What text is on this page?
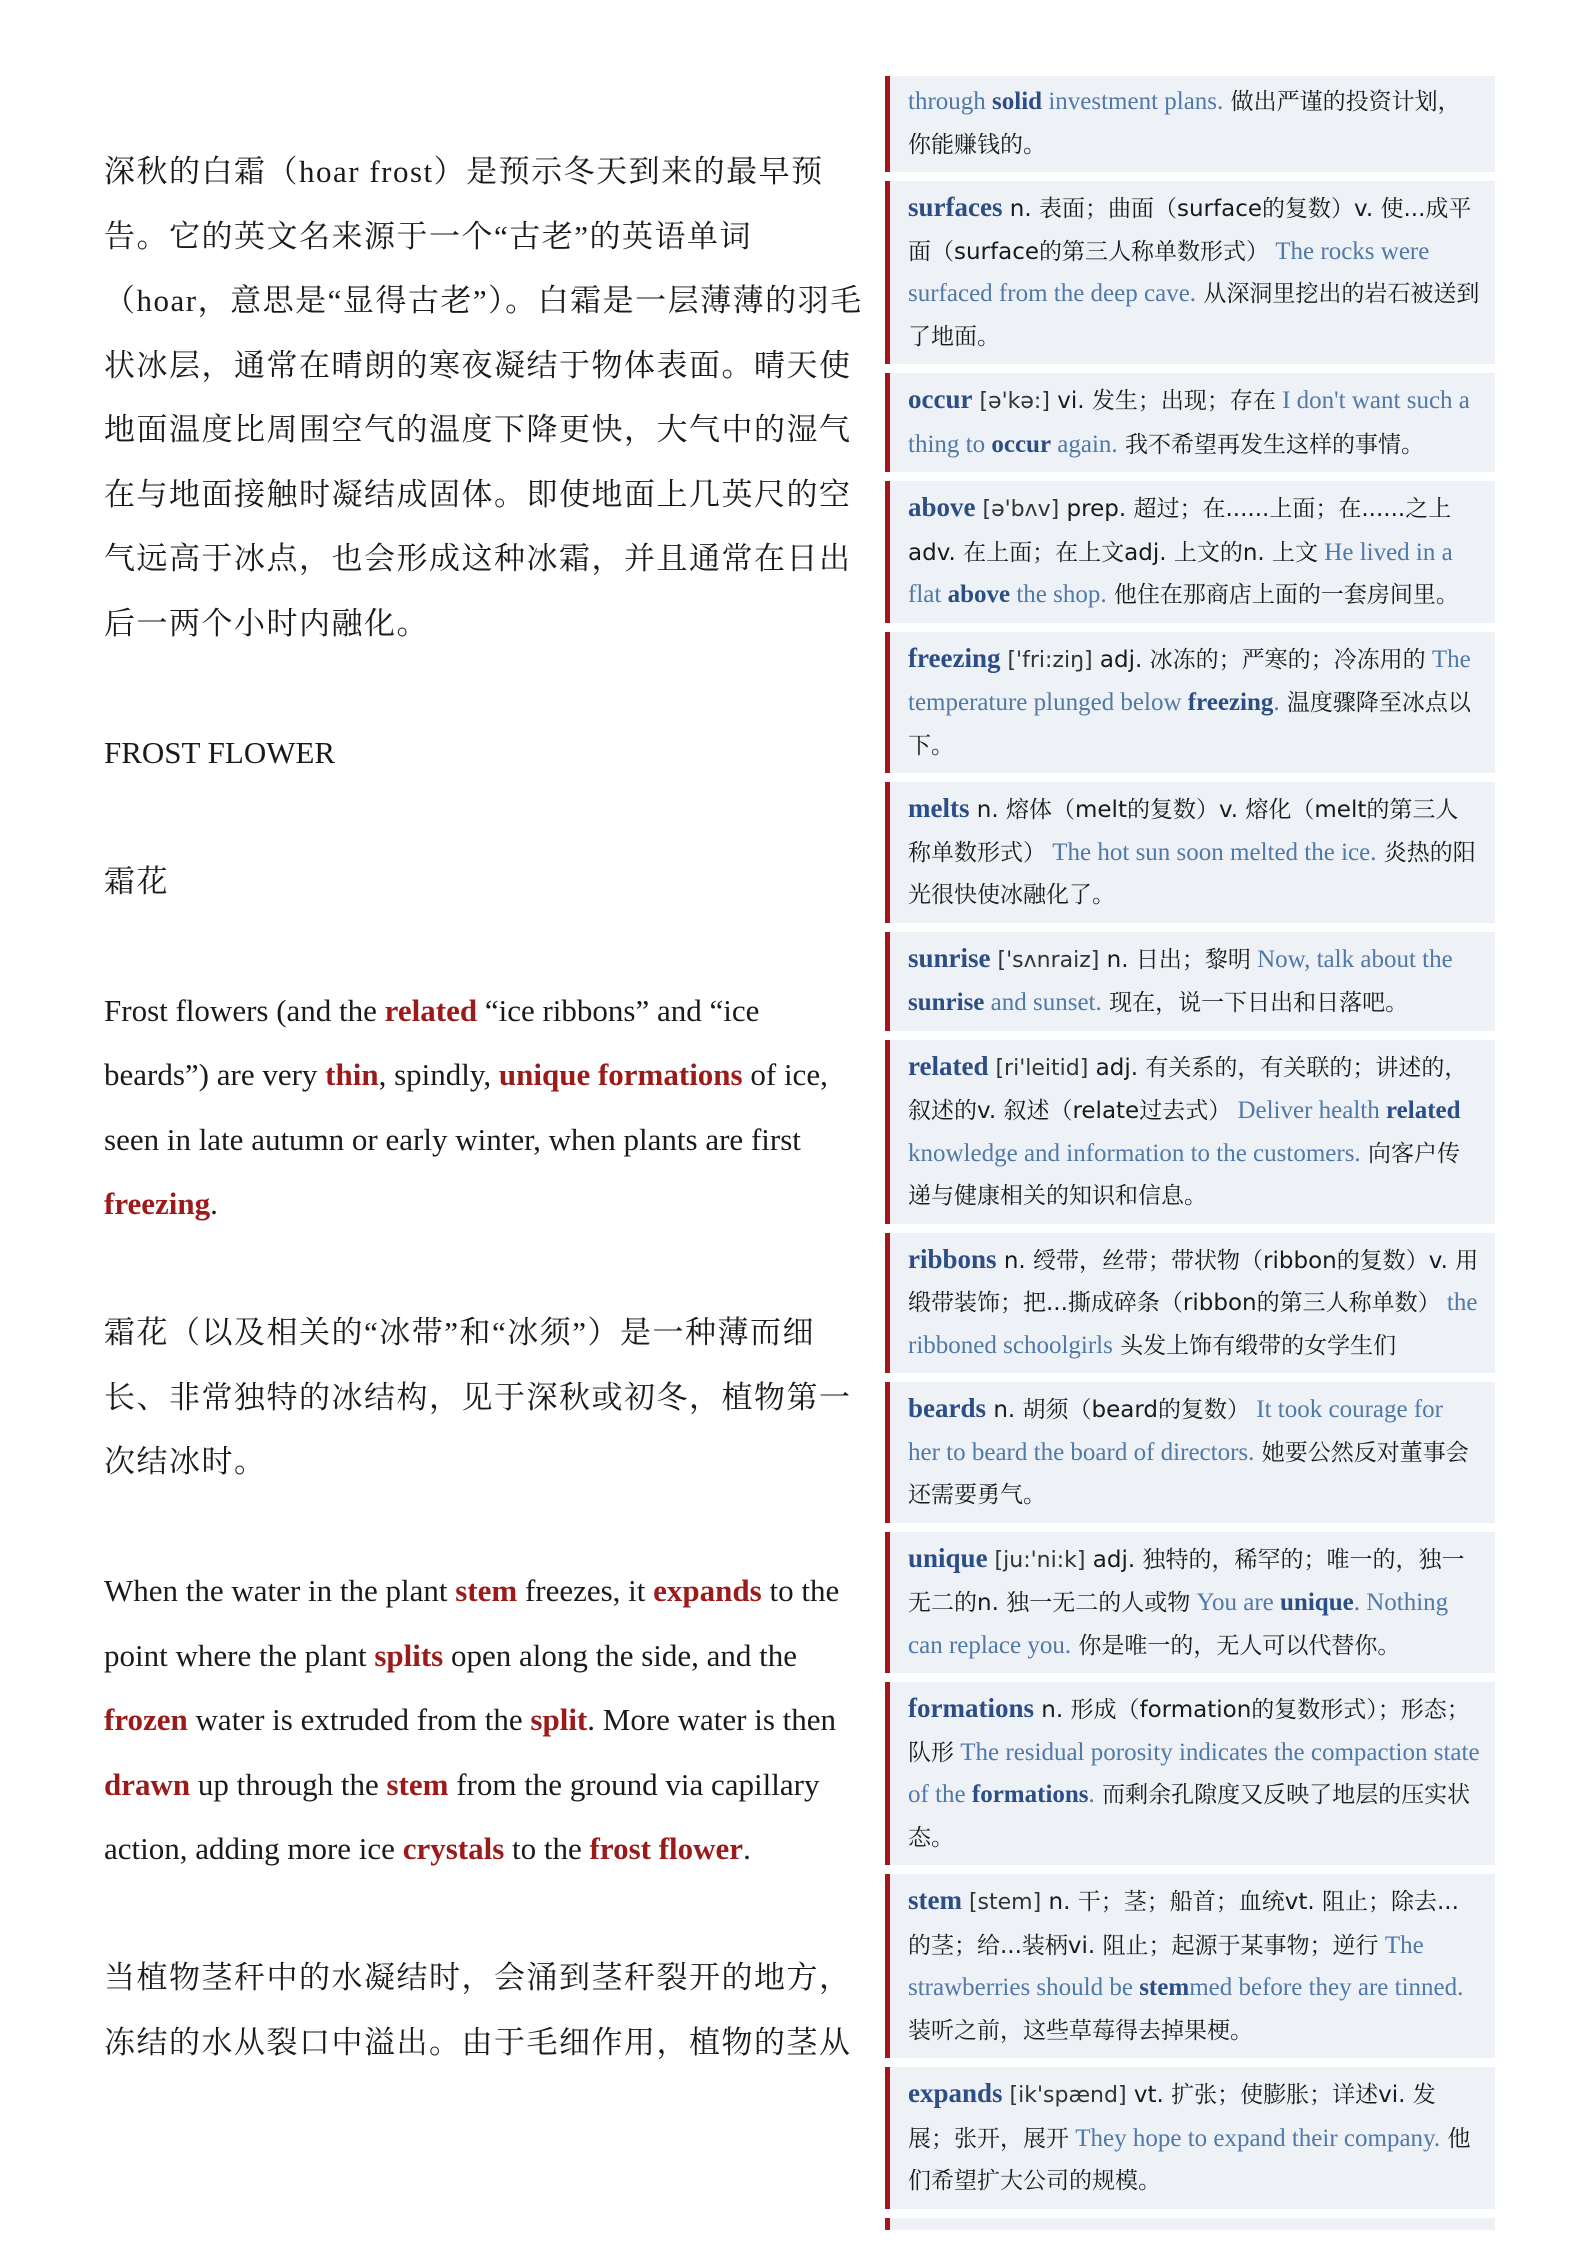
深秋的白霜（hoar frost）是预示冬天到来的最早预告。它的英文名来源于一个“古老”的英语单词（hoar，意思是“显得古老”）。白霜是一层薄薄的羽毛状冰层，通常在晴朗的寒夜凝结于物体表面。晴天使地面温度比周围空气的温度下降更快，大气中的湿气在与地面接触时凝结成固体。即使地面上几英尺的空气远高于冰点，也会形成这种冰霜，并且通常在日出后一两个小时内融化。

FROST FLOWER

霜花

Frost flowers (and the related “ice ribbons” and “ice beards”) are very thin, spindly, unique formations of ice, seen in late autumn or early winter, when plants are first freezing.

霜花（以及相关的“冰带”和“冰须”）是一种薄而细长、非常独特的冰结构，见于深秋或初冬，植物第一次结冰时。

When the water in the plant stem freezes, it expands to the point where the plant splits open along the side, and the frozen water is extruded from the split. More water is then drawn up through the stem from the ground via capillary action, adding more ice crystals to the frost flower.

当植物茎秆中的水凝结时，会涌到茎秆裂开的地方，冻结的水从裂口中溢出。由于毛细作用，植物的茎从

through solid investment plans. 做出严谨的投资计划，你能赚钱的。
surfaces n. 表面；曲面（surface的复数）v. 使...成平面（surface的第三人称单数形式） The rocks were surfaced from the deep cave. 从深洞里挖出的岩石被送到了地面。
occur [ə'kə:] vi. 发生；出现；存在 I don't want such a thing to occur again. 我不希望再发生这样的事情。
above [ə'bʌv] prep. 超过；在......上面；在......之上 adv. 在上面；在上文adj. 上文的n. 上文 He lived in a flat above the shop. 他住在那商店上面的一套房间里。
freezing ['fri:ziŋ] adj. 冰冻的；严寒的；冷冻用的 The temperature plunged below freezing. 温度骤降至冰点以下。
melts n. 熔体（melt的复数）v. 熔化（melt的第三人称单数形式） The hot sun soon melted the ice. 炎热的阳光很快使冰融化了。
sunrise ['sʌnraiz] n. 日出；黎明 Now, talk about the sunrise and sunset. 现在，说一下日出和日落吧。
related [ri'leitid] adj. 有关系的，有关联的；讲述的，叙述的v. 叙述（relate过去式） Deliver health related knowledge and information to the customers. 向客户传递与健康相关的知识和信息。
ribbons n. 绶带，丝带；带状物（ribbon的复数）v. 用缎带装饰；把...撕成碎条（ribbon的第三人称单数） the ribboned schoolgirls 头发上饰有缎带的女学生们
beards n. 胡须（beard的复数） It took courage for her to beard the board of directors. 她要公然反对董事会还需要勇气。
unique [ju:'ni:k] adj. 独特的，稀罕的；唯一的，独一无二的n. 独一无二的人或物 You are unique. Nothing can replace you. 你是唯一的，无人可以代替你。
formations n. 形成（formation的复数形式）；形态；队形 The residual porosity indicates the compaction state of the formations. 而剩余孔隙度又反映了地层的压实状态。
stem [stem] n. 干；茎；船首；血统vt. 阻止；除去...的茎；给...装柄vi. 阻止；起源于某事物；逆行 The strawberries should be stemmed before they are tinned. 装听之前，这些草莓得去掉果梗。
expands [ik'spænd] vt. 扩张；使膨胀；详述vi. 发展；张开，展开 They hope to expand their company. 他们希望扩大公司的规模。
